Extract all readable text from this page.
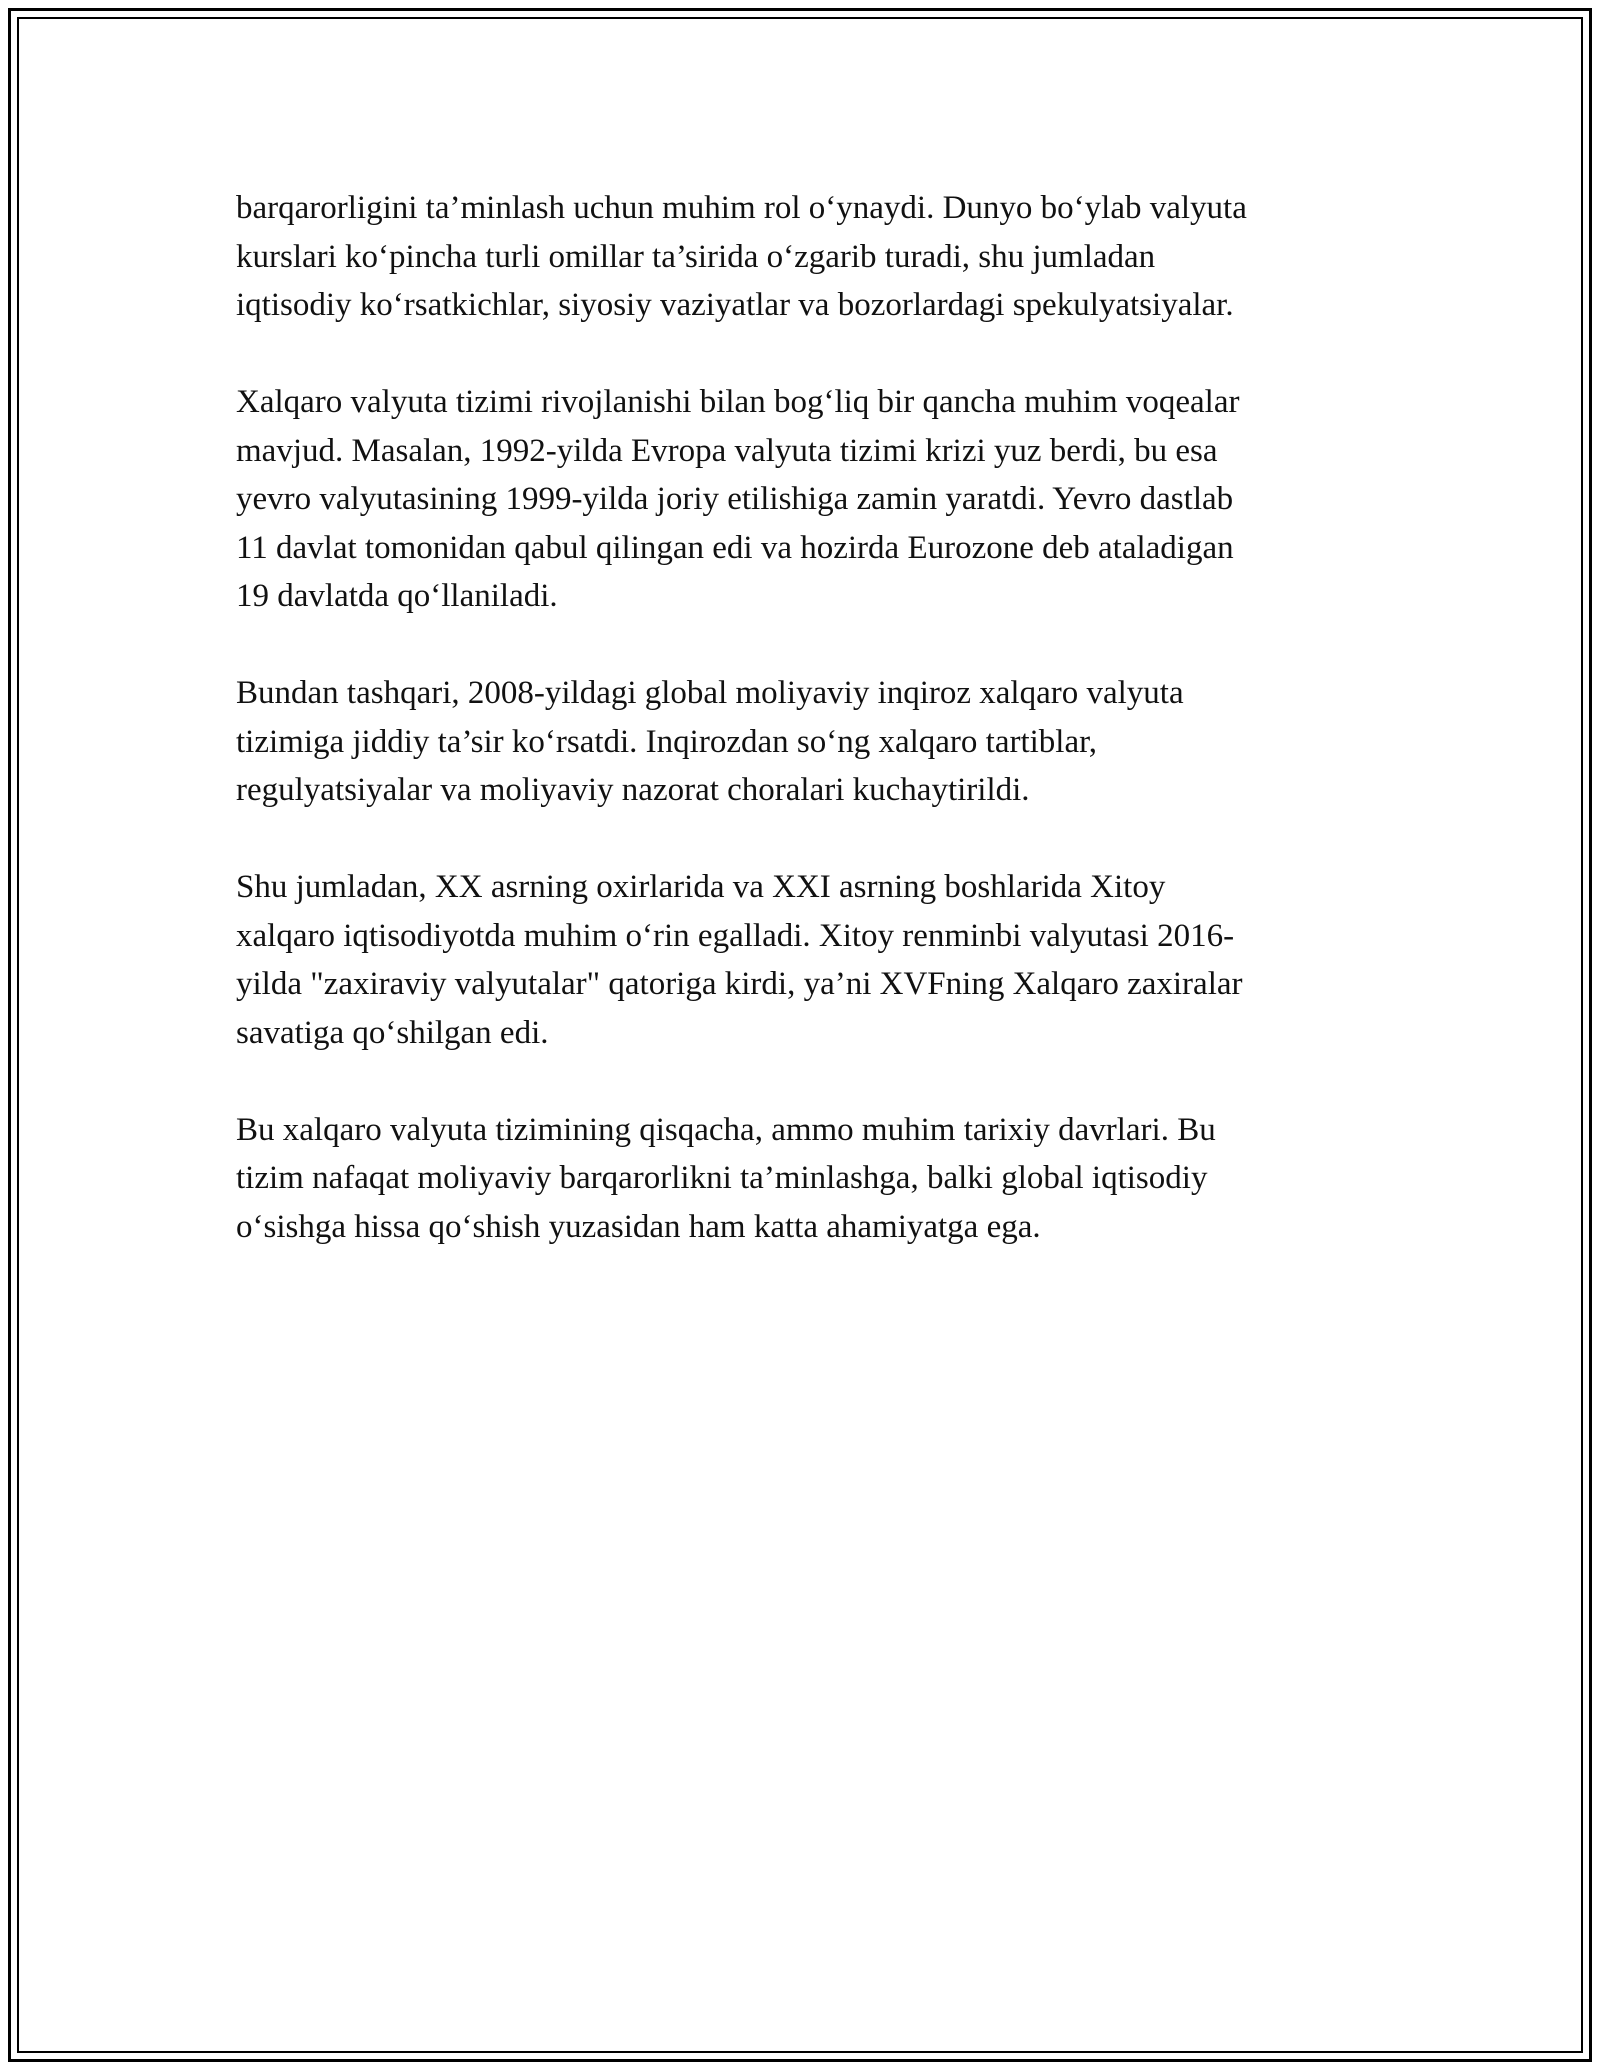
barqarorligini ta’minlash uchun muhim rol o‘ynaydi. Dunyo bo‘ylab valyuta
kurslari ko‘pincha turli omillar ta’sirida o‘zgarib turadi, shu jumladan
iqtisodiy ko‘rsatkichlar, siyosiy vaziyatlar va bozorlardagi spekulyatsiyalar.

Xalqaro valyuta tizimi rivojlanishi bilan bog‘liq bir qancha muhim voqealar
mavjud. Masalan, 1992-yilda Evropa valyuta tizimi krizi yuz berdi, bu esa
yevro valyutasining 1999-yilda joriy etilishiga zamin yaratdi. Yevro dastlab
11 davlat tomonidan qabul qilingan edi va hozirda Eurozone deb ataladigan
19 davlatda qo‘llaniladi.

Bundan tashqari, 2008-yildagi global moliyaviy inqiroz xalqaro valyuta
tizimiga jiddiy ta’sir ko‘rsatdi. Inqirozdan so‘ng xalqaro tartiblar,
regulyatsiyalar va moliyaviy nazorat choralari kuchaytirildi.

Shu jumladan, XX asrning oxirlarida va XXI asrning boshlarida Xitoy
xalqaro iqtisodiyotda muhim o‘rin egalladi. Xitoy renminbi valyutasi 2016-
yilda "zaxiraviy valyutalar" qatoriga kirdi, ya’ni XVFning Xalqaro zaxiralar
savatiga qo‘shilgan edi.

Bu xalqaro valyuta tizimining qisqacha, ammo muhim tarixiy davrlari. Bu
tizim nafaqat moliyaviy barqarorlikni ta’minlashga, balki global iqtisodiy
o‘sishga hissa qo‘shish yuzasidan ham katta ahamiyatga ega.
